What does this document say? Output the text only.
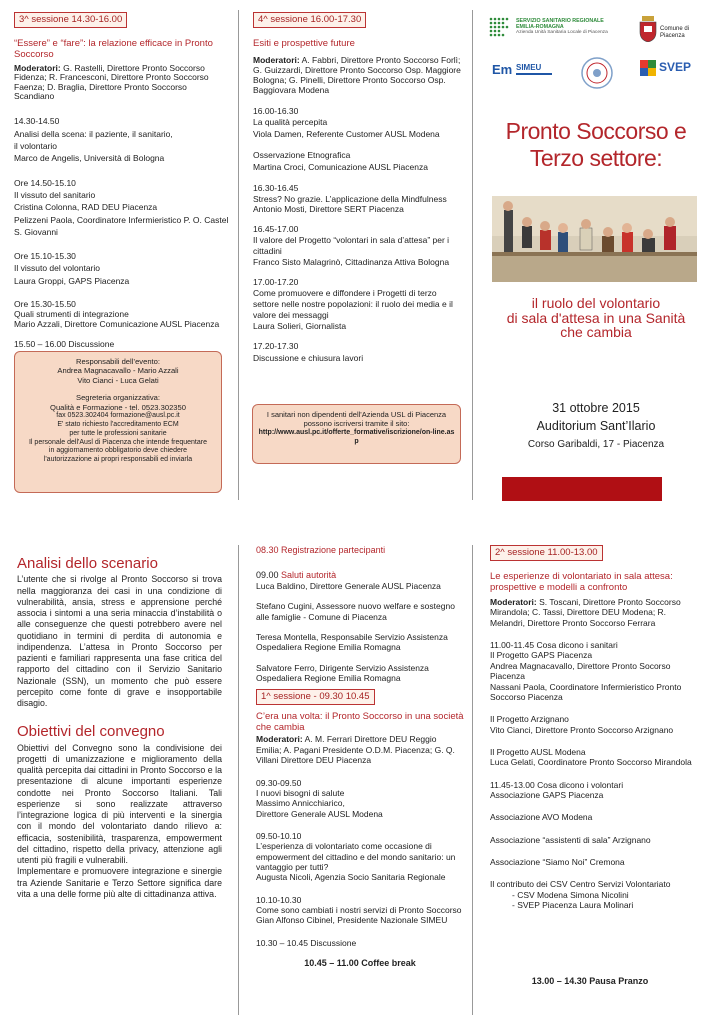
3^ sessione 14.30-16.00
“Essere” e “fare”: la relazione efficace in Pronto Soccorso
Moderatori: G. Rastelli, Direttore Pronto Soccorso Fidenza; R. Francesconi, Direttore Pronto Soccorso Faenza; D. Braglia, Direttore Pronto Soccorso Scandiano
14.30-14.50
Analisi della scena: il paziente, il sanitario,
il volontario
Marco de Angelis, Università di Bologna
Ore 14.50-15.10
Il vissuto del sanitario
Cristina Colonna, RAD DEU Piacenza
Pelizzeni Paola, Coordinatore Infermieristico P. O. Castel S. Giovanni
Ore 15.10-15.30
Il vissuto del volontario
Laura Groppi, GAPS Piacenza
Ore 15.30-15.50
Quali strumenti di integrazione
Mario Azzali, Direttore Comunicazione AUSL Piacenza
15.50 – 16.00 Discussione
Responsabili dell’evento:
Andrea Magnacavallo - Mario Azzali
Vito Cianci - Luca Gelati
Segreteria organizzativa:
Qualità e Formazione - tel. 0523.302350
fax 0523.302404 formazione@ausl.pc.it
E' stato richiesto l'accreditamento ECM
per tutte le professioni sanitarie
Il personale dell'Ausl di Piacenza che intende frequentare
in aggiornamento obbligatorio deve chiedere
l'autorizzazione ai propri responsabili ed inviarla
4^ sessione 16.00-17.30
Esiti e prospettive future
Moderatori: A. Fabbri, Direttore Pronto Soccorso Forlì; G. Guizzardi, Direttore Pronto Soccorso Osp. Maggiore Bologna; G. Pinelli, Direttore Pronto Soccorso Osp. Baggiovara Modena
16.00-16.30
La qualità percepita
Viola Damen, Referente Customer AUSL Modena
Osservazione Etnografica
Martina Croci, Comunicazione AUSL Piacenza
16.30-16.45
Stress? No grazie. L’applicazione della Mindfulness
Antonio Mosti, Direttore SERT Piacenza
16.45-17.00
Il valore del Progetto “volontari in sala d’attesa” per i cittadini
Franco Sisto Malagrinò, Cittadinanza Attiva Bologna
17.00-17.20
Come promuovere e diffondere i Progetti di terzo settore nelle nostre popolazioni: il ruolo dei media e il valore dei messaggi
Laura Solieri, Giornalista
17.20-17.30
Discussione e chiusura lavori
I sanitari non dipendenti dell'Azienda USL di Piacenza
possono iscriversi tramite il sito:
http://www.ausl.pc.it/offerte_formative/iscrizione/on-line.asp
SERVIZIO SANITARIO REGIONALE
EMILIA-ROMAGNA
Azienda Unità Sanitaria Locale di Piacenza
Comune di
Piacenza
Em SIMEU	SVEP
Pronto Soccorso e
Terzo settore:
il ruolo del volontario
di sala d'attesa in una Sanità
che cambia
31 ottobre 2015
Auditorium Sant’Ilario
Corso Garibaldi, 17 - Piacenza
Analisi dello scenario
L’utente che si rivolge al Pronto Soccorso si trova nella maggioranza dei casi in una condizione di vulnerabilità, ansia, stress e apprensione perché associa i sintomi a una seria minaccia d’instabilità o alle conseguenze che questi potrebbero avere nel quotidiano in termini di perdita di autonomia e indipendenza. L’attesa in Pronto Soccorso per pazienti e familiari rappresenta una fase critica del rapporto del cittadino con il Servizio Sanitario Nazionale (SSN), un momento che può essere percepito come fonte di grave e insopportabile disagio.
Obiettivi del convegno
Obiettivi del Convegno sono la condivisione dei progetti di umanizzazione e miglioramento della qualità percepita dai cittadini in Pronto Soccorso e la presentazione di alcune importanti esperienze condotte nei Pronto Soccorso Italiani. Tali esperienze si sono realizzate attraverso l’integrazione logica di più interventi e la sinergia con il mondo del volontariato dando rilievo a: efficacia, sostenibilità, trasparenza, empowerment del cittadino, rispetto della privacy, attenzione agli utenti più fragili e vulnerabili.
Implementare e promuovere integrazione e sinergie tra Aziende Sanitarie e Terzo Settore significa dare vita a una delle forme più alte di cittadinanza attiva.
08.30 Registrazione partecipanti
09.00 Saluti autorità
Luca Baldino, Direttore Generale AUSL Piacenza
Stefano Cugini, Assessore nuovo welfare e sostegno alle famiglie - Comune di Piacenza
Teresa Montella, Responsabile Servizio Assistenza Ospedaliera Regione Emilia Romagna
Salvatore Ferro, Dirigente Servizio Assistenza Ospedaliera Regione Emilia Romagna
1^ sessione - 09.30 10.45
C’era una volta: il Pronto Soccorso in una società che cambia
Moderatori: A. M. Ferrari Direttore DEU Reggio Emilia; A. Pagani Presidente O.D.M. Piacenza; G. Q. Villani Direttore DEU Piacenza
09.30-09.50
I nuovi bisogni di salute
Massimo Annicchiarico,
Direttore Generale AUSL Modena
09.50-10.10
L’esperienza di volontariato come occasione di empowerment del cittadino e del mondo sanitario: un vantaggio per tutti?
Augusta Nicoli, Agenzia Socio Sanitaria Regionale
10.10-10.30
Come sono cambiati i nostri servizi di Pronto Soccorso
Gian Alfonso Cibinel, Presidente Nazionale SIMEU
10.30 – 10.45 Discussione
10.45 – 11.00 Coffee break
2^ sessione 11.00-13.00
Le esperienze di volontariato in sala attesa: prospettive e modelli a confronto
Moderatori: S. Toscani, Direttore Pronto Soccorso Mirandola; C. Tassi, Direttore DEU Modena; R. Melandri, Direttore Pronto Soccorso Ferrara
11.00-11.45 Cosa dicono i sanitari
Il Progetto GAPS Piacenza
Andrea Magnacavallo, Direttore Pronto Socorso Piacenza
Nassani Paola, Coordinatore Infermieristico Pronto Soccorso Piacenza
Il Progetto Arzignano
Vito Cianci, Direttore Pronto Soccorso Arzignano
Il Progetto AUSL Modena
Luca Gelati, Coordinatore Pronto Soccorso Mirandola
11.45-13.00 Cosa dicono i volontari
Associazione GAPS Piacenza
Associazione AVO Modena
Associazione “assistenti di sala” Arzignano
Associazione “Siamo Noi” Cremona
Il contributo dei CSV Centro Servizi Volontariato
- CSV Modena Simona Nicolini
- SVEP Piacenza Laura Molinari
13.00 – 14.30 Pausa Pranzo
